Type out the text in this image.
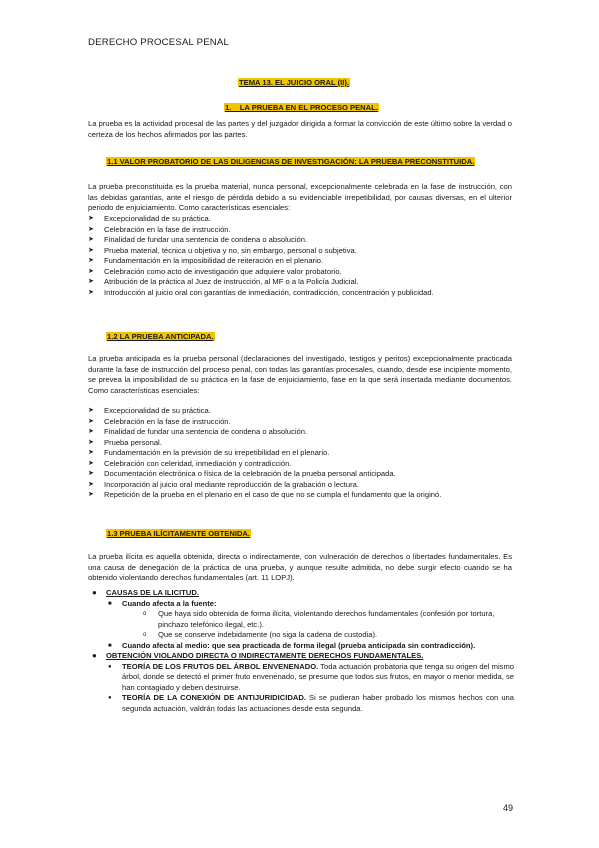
DERECHO PROCESAL PENAL
TEMA 13. EL JUICIO ORAL (II).
1.    LA PRUEBA EN EL PROCESO PENAL.
La prueba es la actividad procesal de las partes y del juzgador dirigida a formar la convicción de este último sobre la verdad o certeza de los hechos afirmados por las partes.
1.1 VALOR PROBATORIO DE LAS DILIGENCIAS DE INVESTIGACIÓN: LA PRUEBA PRECONSTITUIDA.
La prueba preconstituida es la prueba material, nunca personal, excepcionalmente celebrada en la fase de instrucción, con las debidas garantías, ante el riesgo de pérdida debido a su evidenciable irrepetibilidad, por causas diversas, en el ulterior periodo de enjuiciamiento. Como características esenciales:
➤ Excepcionalidad de su práctica.
➤ Celebración en la fase de instrucción.
➤ Finalidad de fundar una sentencia de condena o absolución.
➤ Prueba material, técnica u objetiva y no, sin embargo, personal o subjetiva.
➤ Fundamentación en la imposibilidad de reiteración en el plenario.
➤ Celebración como acto de investigación que adquiere valor probatorio.
➤ Atribución de la práctica al Juez de instrucción, al MF o a la Policía Judicial.
➤ Introducción al juicio oral con garantías de inmediación, contradicción, concentración y publicidad.
1.2 LA PRUEBA ANTICIPADA.
La prueba anticipada es la prueba personal (declaraciones del investigado, testigos y peritos) excepcionalmente practicada durante la fase de instrucción del proceso penal, con todas las garantías procesales, cuando, desde ese incipiente momento, se prevea la imposibilidad de su práctica en la fase de enjuiciamiento, fase en la que será insertada mediante documentos. Como características esenciales:
➤ Excepcionalidad de su práctica.
➤ Celebración en la fase de instrucción.
➤ Finalidad de fundar una sentencia de condena o absolución.
➤ Prueba personal.
➤ Fundamentación en la previsión de su irrepetibilidad en el plenario.
➤ Celebración con celeridad, inmediación y contradicción.
➤ Documentación electrónica o física de la celebración de la prueba personal anticipada.
➤ Incorporación al juicio oral mediante reproducción de la grabación o lectura.
➤ Repetición de la prueba en el plenario en el caso de que no se cumpla el fundamento que la originó.
1.3 PRUEBA ILÍCITAMENTE OBTENIDA.
La prueba ilícita es aquella obtenida, directa o indirectamente, con vulneración de derechos o libertades fundamentales. Es una causa de denegación de la práctica de una prueba, y aunque resulte admitida, no debe surgir efecto cuando se ha obtenido violentando derechos fundamentales (art. 11 LOPJ).
● CAUSAS DE LA ILICITUD.
■ Cuando afecta a la fuente:
o Que haya sido obtenida de forma ilícita, violentando derechos fundamentales (confesión por tortura, pinchazo telefónico ilegal, etc.).
o Que se conserve indebidamente (no siga la cadena de custodia).
■ Cuando afecta al medio: que sea practicada de forma ilegal (prueba anticipada sin contradicción).
● OBTENCIÓN VIOLANDO DIRECTA O INDIRECTAMENTE DERECHOS FUNDAMENTALES.
● TEORÍA DE LOS FRUTOS DEL ÁRBOL ENVENENADO. Toda actuación probatoria que tenga su origen del mismo árbol, donde se detectó el primer fruto envenenado, se presume que todos sus frutos, en mayor o menor medida, se han contagiado y deben destruirse.
● TEORÍA DE LA CONEXIÓN DE ANTIJURIDICIDAD. Si se pudieran haber probado los mismos hechos con una segunda actuación, valdrán todas las actuaciones desde esta segunda.
49
